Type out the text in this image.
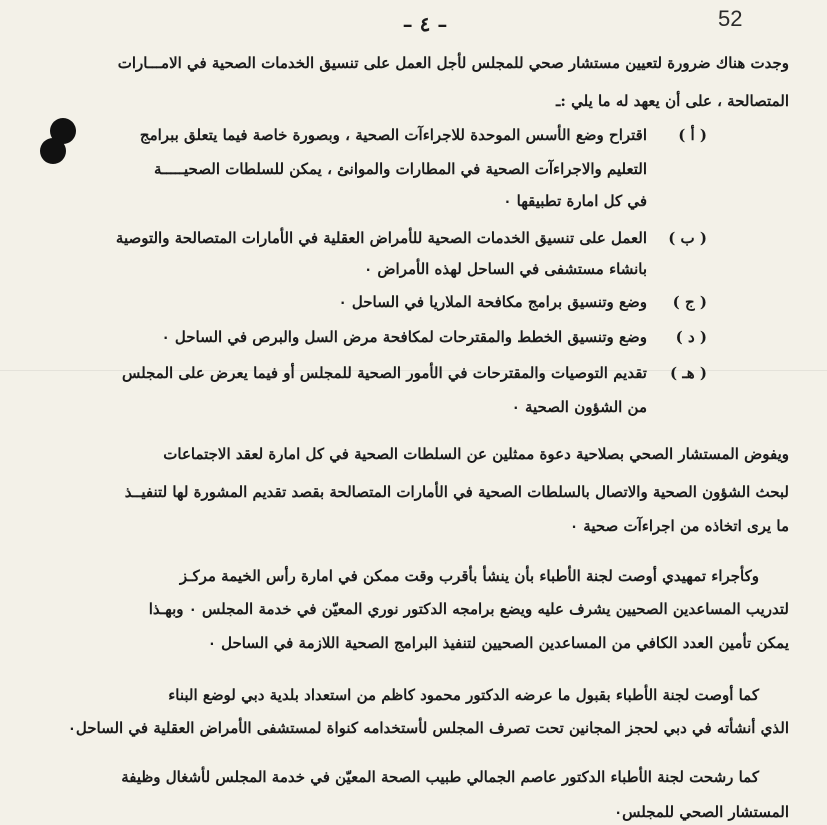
52
– ٤ –
وجدت هناك ضرورة لتعيين مستشار صحي للمجلس لأجل العمل على تنسيق الخدمات الصحية في الامـــارات
المتصالحة ، على أن يعهد له ما يلي :ـ
( أ )
اقتراح وضع الأسس الموحدة للاجراءآت الصحية ، وبصورة خاصة فيما يتعلق ببرامج
التعليم والاجراءآت الصحية في المطارات والموانئ ، يمكن للسلطات الصحيـــــة
في كل امارة تطبيقها ٠
( ب )
العمل على تنسيق الخدمات الصحية للأمراض العقلية في الأمارات المتصالحة والتوصية
بانشاء مستشفى في الساحل لهذه الأمراض ٠
( ج )
وضع وتنسيق برامج مكافحة الملاريا في الساحل ٠
( د )
وضع وتنسيق الخطط والمقترحات لمكافحة مرض السل والبرص في الساحل ٠
( هـ )
تقديم التوصيات والمقترحات في الأمور الصحية للمجلس أو فيما يعرض على المجلس
من الشؤون الصحية ٠
ويفوض المستشار الصحي بصلاحية دعوة ممثلين عن السلطات الصحية في كل امارة لعقد الاجتماعات
لبحث الشؤون الصحية والاتصال بالسلطات الصحية في الأمارات المتصالحة بقصد تقديم المشورة لها لتنفيــذ
ما يرى اتخاذه من اجراءآت صحية ٠
وكأجراء تمهيدي أوصت لجنة الأطباء بأن ينشأ بأقرب وقت ممكن في امارة رأس الخيمة مركـز
لتدريب المساعدين الصحيين يشرف عليه ويضع برامجه الدكتور نوري المعيّن في خدمة المجلس ٠ وبهـذا
يمكن تأمين العدد الكافي من المساعدين الصحيين لتنفيذ البرامج الصحية اللازمة في الساحل ٠
كما أوصت لجنة الأطباء بقبول ما عرضه الدكتور محمود كاظم من استعداد بلدية دبي لوضع البناء
الذي أنشأته في دبي لحجز المجانين تحت تصرف المجلس لأستخدامه كنواة لمستشفى الأمراض العقلية في الساحل٠
كما رشحت لجنة الأطباء الدكتور عاصم الجمالي طبيب الصحة المعيّن في خدمة المجلس لأشغال وظيفة
المستشار الصحي للمجلس٠
